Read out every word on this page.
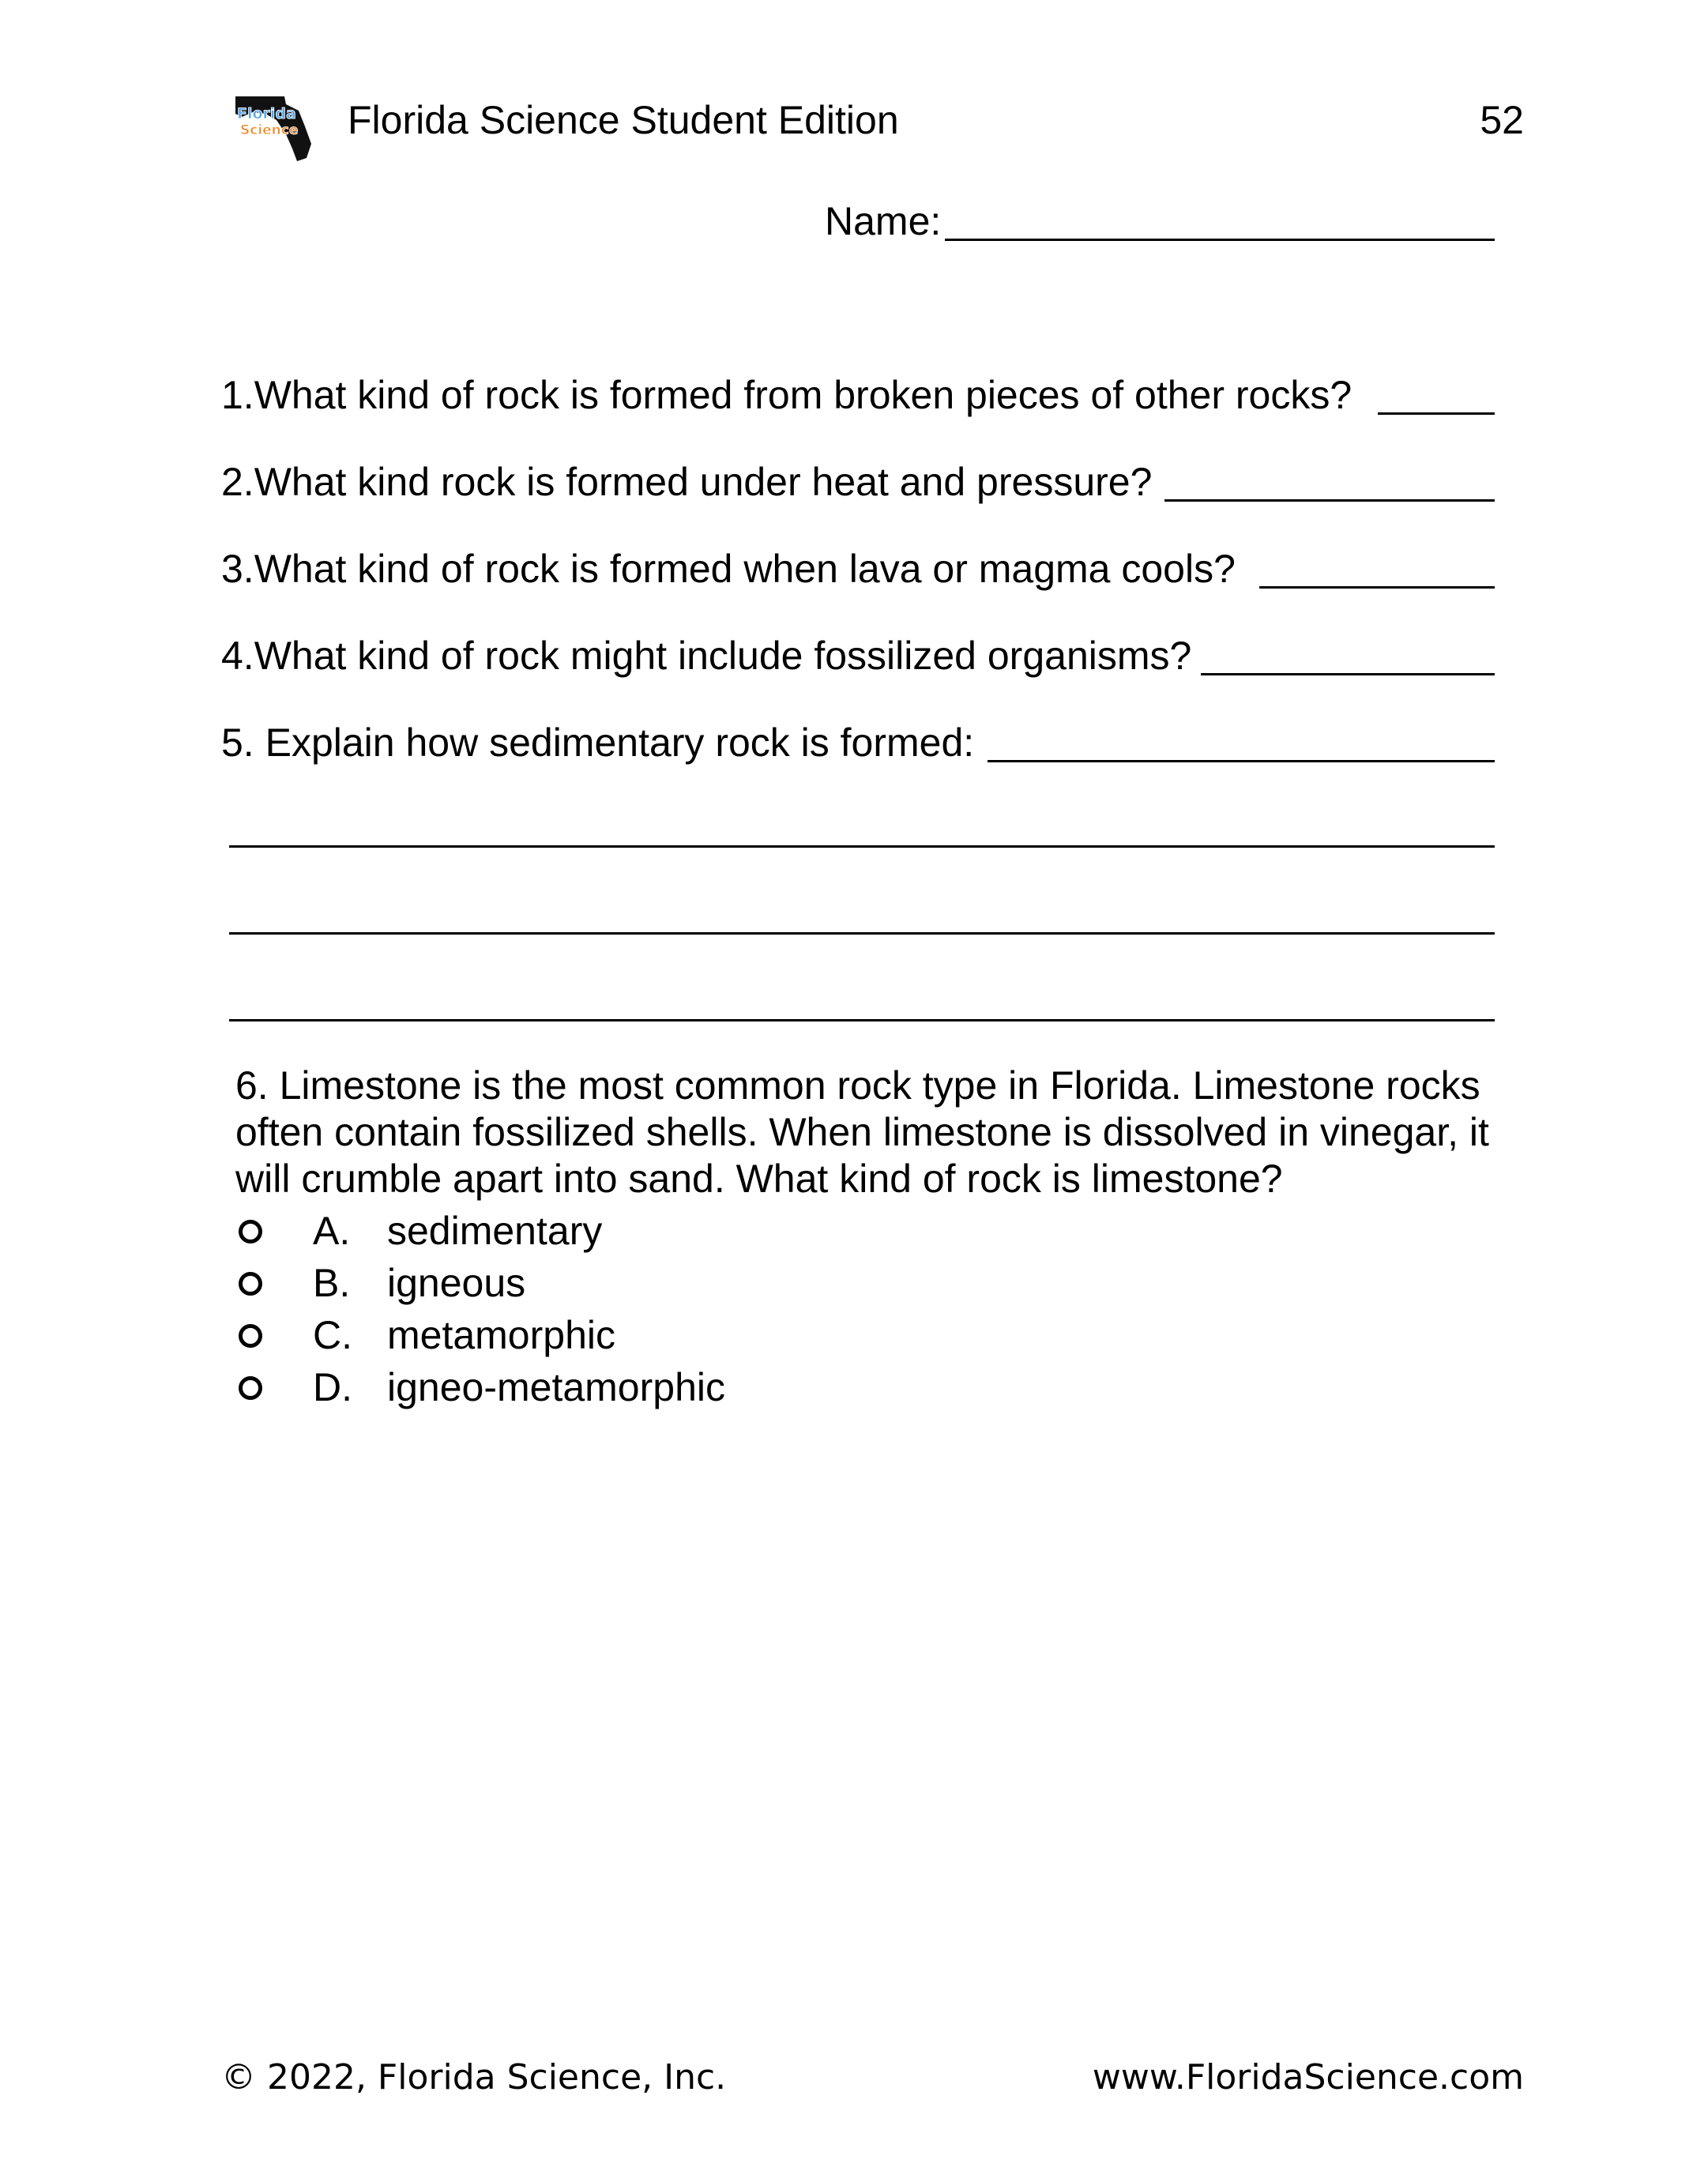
Florida
Science Florida Science Student Edition	52
Name:
1.What kind of rock is formed from broken pieces of other rocks?
2.What kind rock is formed under heat and pressure?
3.What kind of rock is formed when lava or magma cools?
4.What kind of rock might include fossilized organisms?
5. Explain how sedimentary rock is formed:
6. Limestone is the most common rock type in Florida. Limestone rocks
often contain fossilized shells. When limestone is dissolved in vinegar, it
will crumble apart into sand. What kind of rock is limestone?
A. sedimentary
B. igneous
C. metamorphic
D. igneo-metamorphic
© 2022, Florida Science, Inc.	www.FloridaScience.com
